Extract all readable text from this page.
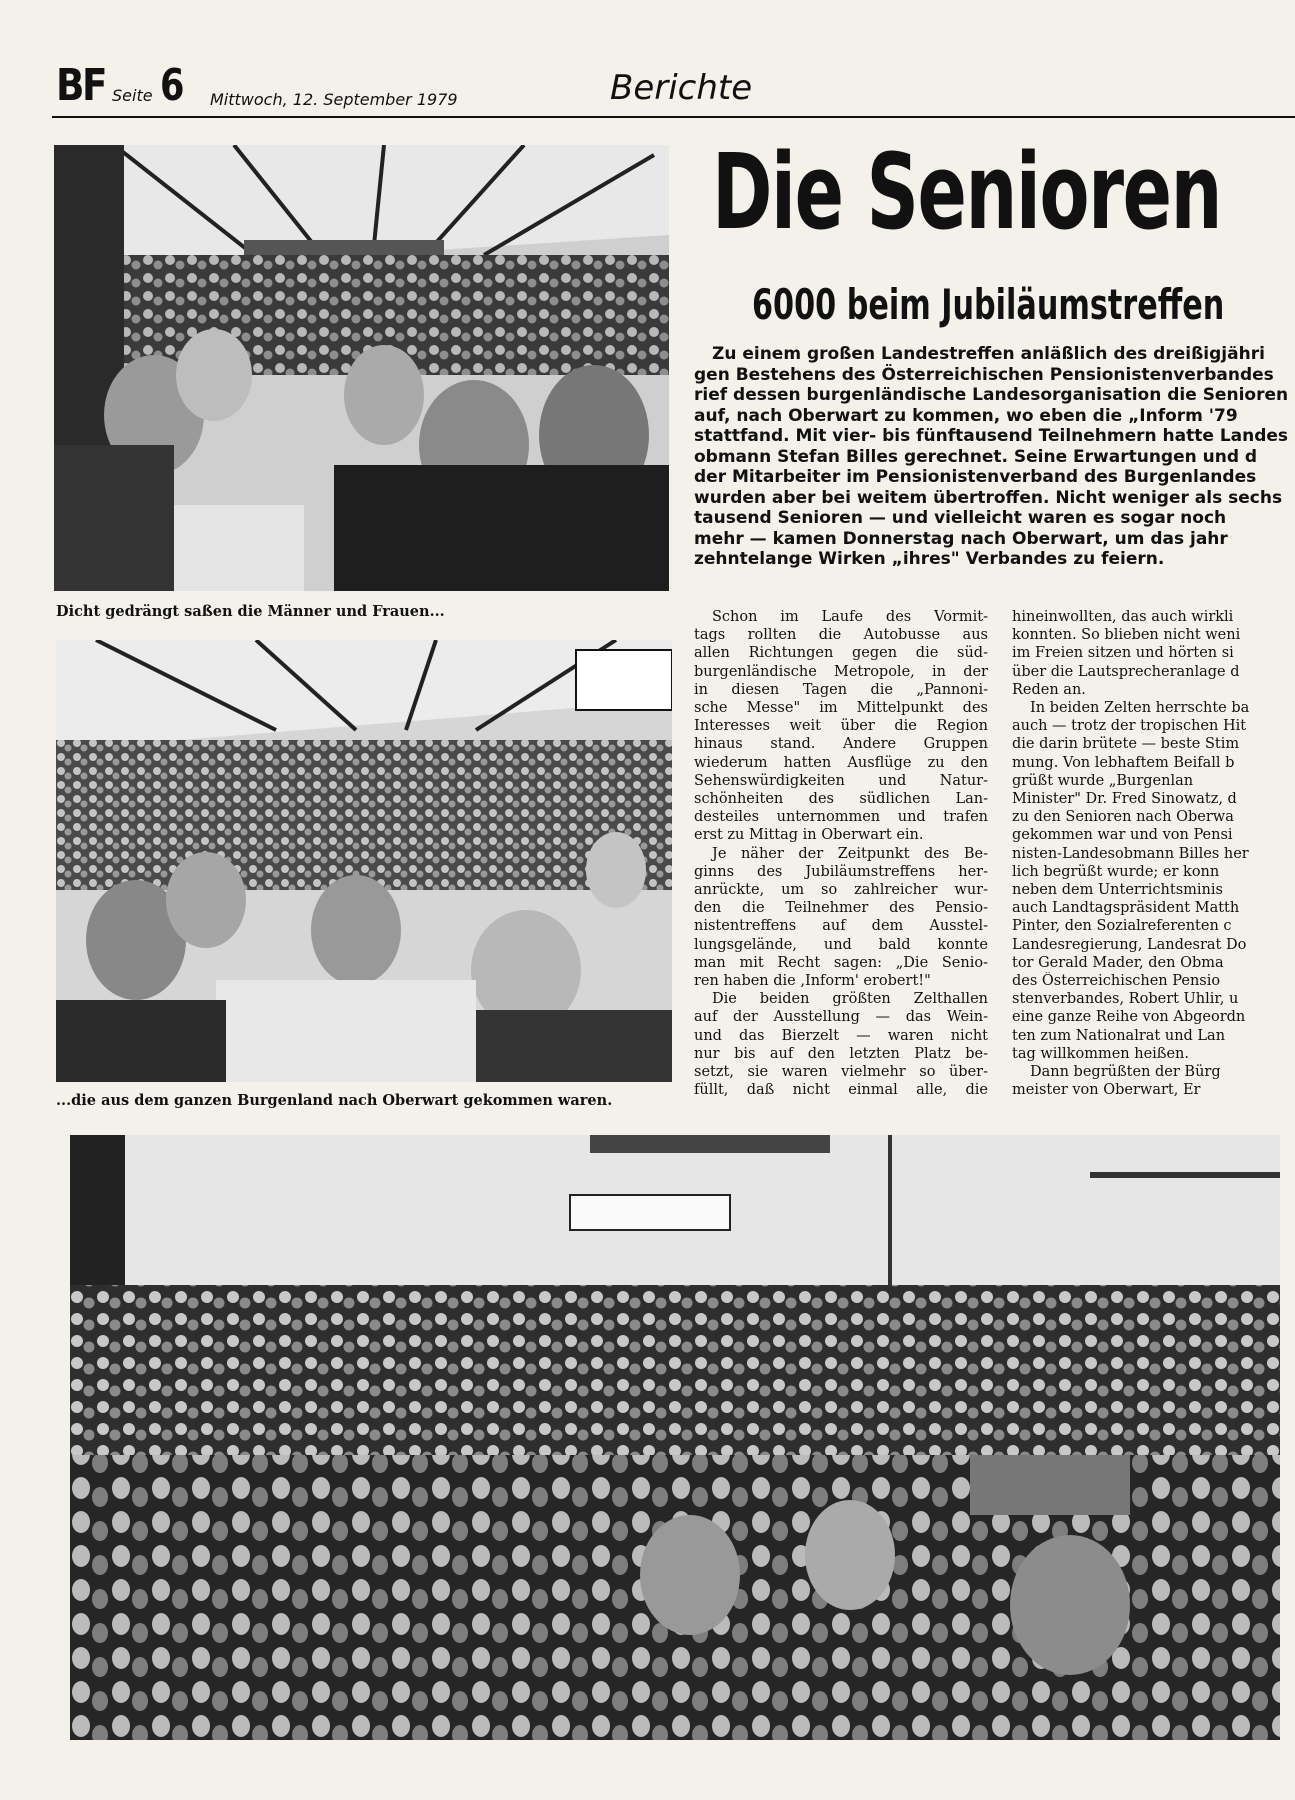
BF Seite 6 Mittwoch, 12. September 1979	Berichte
Dicht gedrängt saßen die Männer und Frauen...
...die aus dem ganzen Burgenland nach Oberwart gekommen waren.
Die Senioren
6000 beim Jubiläumstreffen
Zu einem großen Landestreffen anläßlich des dreißigjähri
gen Bestehens des Österreichischen Pensionistenverbandes
rief dessen burgenländische Landesorganisation die Senioren
auf, nach Oberwart zu kommen, wo eben die „Inform '79
stattfand. Mit vier- bis fünftausend Teilnehmern hatte Landes
obmann Stefan Billes gerechnet. Seine Erwartungen und d
der Mitarbeiter im Pensionistenverband des Burgenlandes
wurden aber bei weitem übertroffen. Nicht weniger als sechs
tausend Senioren — und vielleicht waren es sogar noch
mehr — kamen Donnerstag nach Oberwart, um das jahr
zehntelange Wirken „ihres" Verbandes zu feiern.
Schon im Laufe des Vormit-
tags rollten die Autobusse aus
allen Richtungen gegen die süd-
burgenländische Metropole, in der
in diesen Tagen die „Pannoni-
sche Messe" im Mittelpunkt des
Interesses weit über die Region
hinaus stand. Andere Gruppen
wiederum hatten Ausflüge zu den
Sehenswürdigkeiten und Natur-
schönheiten des südlichen Lan-
desteiles unternommen und trafen
erst zu Mittag in Oberwart ein.
Je näher der Zeitpunkt des Be-
ginns des Jubiläumstreffens her-
anrückte, um so zahlreicher wur-
den die Teilnehmer des Pensio-
nistentreffens auf dem Ausstel-
lungsgelände, und bald konnte
man mit Recht sagen: „Die Senio-
ren haben die ‚Inform' erobert!"
Die beiden größten Zelthallen
auf der Ausstellung — das Wein-
und das Bierzelt — waren nicht
nur bis auf den letzten Platz be-
setzt, sie waren vielmehr so über-
füllt, daß nicht einmal alle, die
hineinwollten, das auch wirkli
konnten. So blieben nicht weni
im Freien sitzen und hörten si
über die Lautsprecheranlage d
Reden an.
In beiden Zelten herrschte ba
auch — trotz der tropischen Hit
die darin brütete — beste Stim
mung. Von lebhaftem Beifall b
grüßt wurde „Burgenlan
Minister" Dr. Fred Sinowatz, d
zu den Senioren nach Oberwa
gekommen war und von Pensi
nisten-Landesobmann Billes her
lich begrüßt wurde; er konn
neben dem Unterrichtsminis
auch Landtagspräsident Matth
Pinter, den Sozialreferenten c
Landesregierung, Landesrat Do
tor Gerald Mader, den Obma
des Österreichischen Pensio
stenverbandes, Robert Uhlir, u
eine ganze Reihe von Abgeordn
ten zum Nationalrat und Lan
tag willkommen heißen.
Dann begrüßten der Bürg
meister von Oberwart, Er
